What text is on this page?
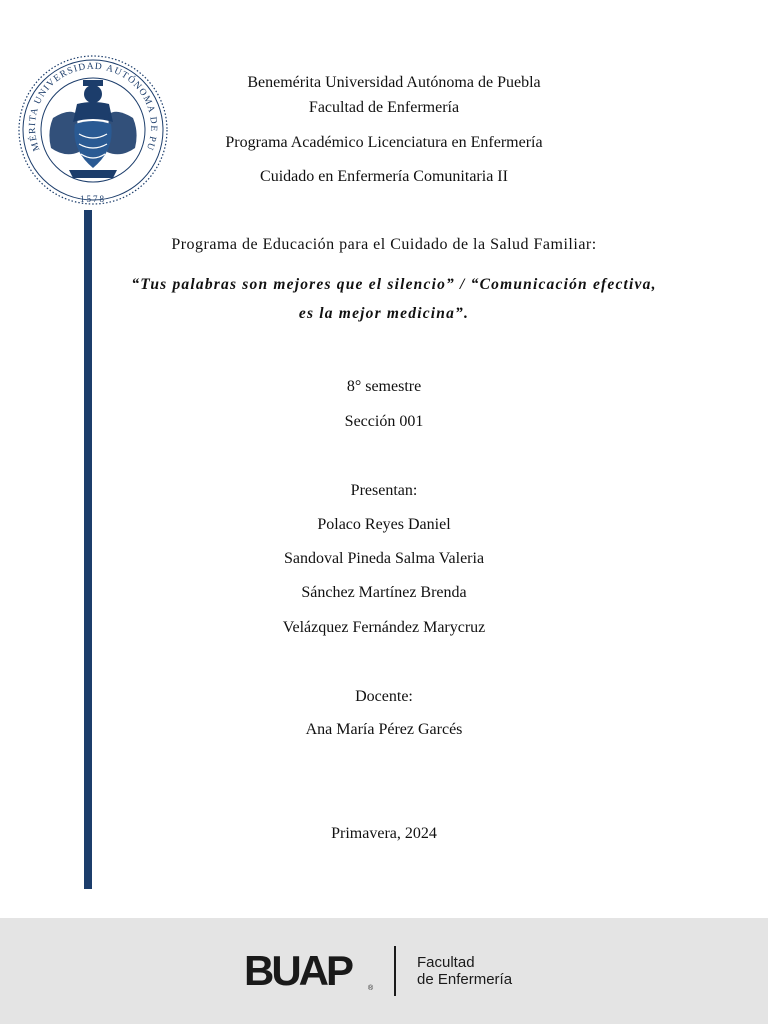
MÉRITA UNIVERSIDAD AUTÓNOMA DE PU
1578
Benemérita Universidad Autónoma de Puebla
Facultad de Enfermería
Programa Académico Licenciatura en Enfermería
Cuidado en Enfermería Comunitaria II
Programa de Educación para el Cuidado de la Salud Familiar:
“Tus palabras son mejores que el silencio” / “Comunicación efectiva,
es la mejor medicina”.
8° semestre
Sección 001
Presentan:
Polaco Reyes Daniel
Sandoval Pineda Salma Valeria
Sánchez Martínez Brenda
Velázquez Fernández Marycruz
Docente:
Ana María Pérez Garcés
Primavera, 2024
BUAP ®
Facultad
de Enfermería
